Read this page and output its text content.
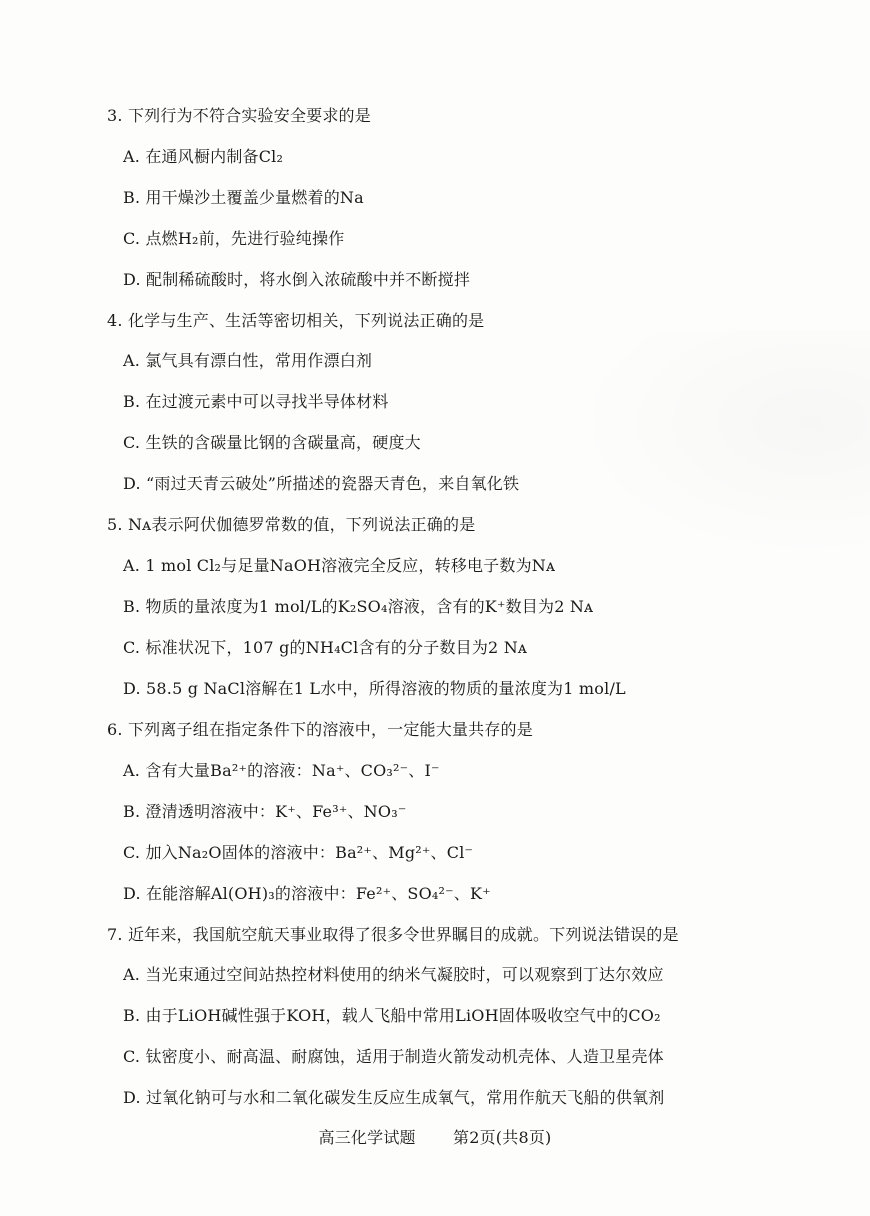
3. 下列行为不符合实验安全要求的是
A. 在通风橱内制备Cl₂
B. 用干燥沙土覆盖少量燃着的Na
C. 点燃H₂前，先进行验纯操作
D. 配制稀硫酸时，将水倒入浓硫酸中并不断搅拌
4. 化学与生产、生活等密切相关，下列说法正确的是
A. 氯气具有漂白性，常用作漂白剂
B. 在过渡元素中可以寻找半导体材料
C. 生铁的含碳量比钢的含碳量高，硬度大
D. “雨过天青云破处”所描述的瓷器天青色，来自氧化铁
5. Nᴀ表示阿伏伽德罗常数的值，下列说法正确的是
A. 1 mol Cl₂与足量NaOH溶液完全反应，转移电子数为Nᴀ
B. 物质的量浓度为1 mol/L的K₂SO₄溶液，含有的K⁺数目为2 Nᴀ
C. 标准状况下，107 g的NH₄Cl含有的分子数目为2 Nᴀ
D. 58.5 g NaCl溶解在1 L水中，所得溶液的物质的量浓度为1 mol/L
6. 下列离子组在指定条件下的溶液中，一定能大量共存的是
A. 含有大量Ba²⁺的溶液：Na⁺、CO₃²⁻、I⁻
B. 澄清透明溶液中：K⁺、Fe³⁺、NO₃⁻
C. 加入Na₂O固体的溶液中：Ba²⁺、Mg²⁺、Cl⁻
D. 在能溶解Al(OH)₃的溶液中：Fe²⁺、SO₄²⁻、K⁺
7. 近年来，我国航空航天事业取得了很多令世界瞩目的成就。下列说法错误的是
A. 当光束通过空间站热控材料使用的纳米气凝胶时，可以观察到丁达尔效应
B. 由于LiOH碱性强于KOH，载人飞船中常用LiOH固体吸收空气中的CO₂
C. 钛密度小、耐高温、耐腐蚀，适用于制造火箭发动机壳体、人造卫星壳体
D. 过氧化钠可与水和二氧化碳发生反应生成氧气，常用作航天飞船的供氧剂
高三化学试题 第2页(共8页)
